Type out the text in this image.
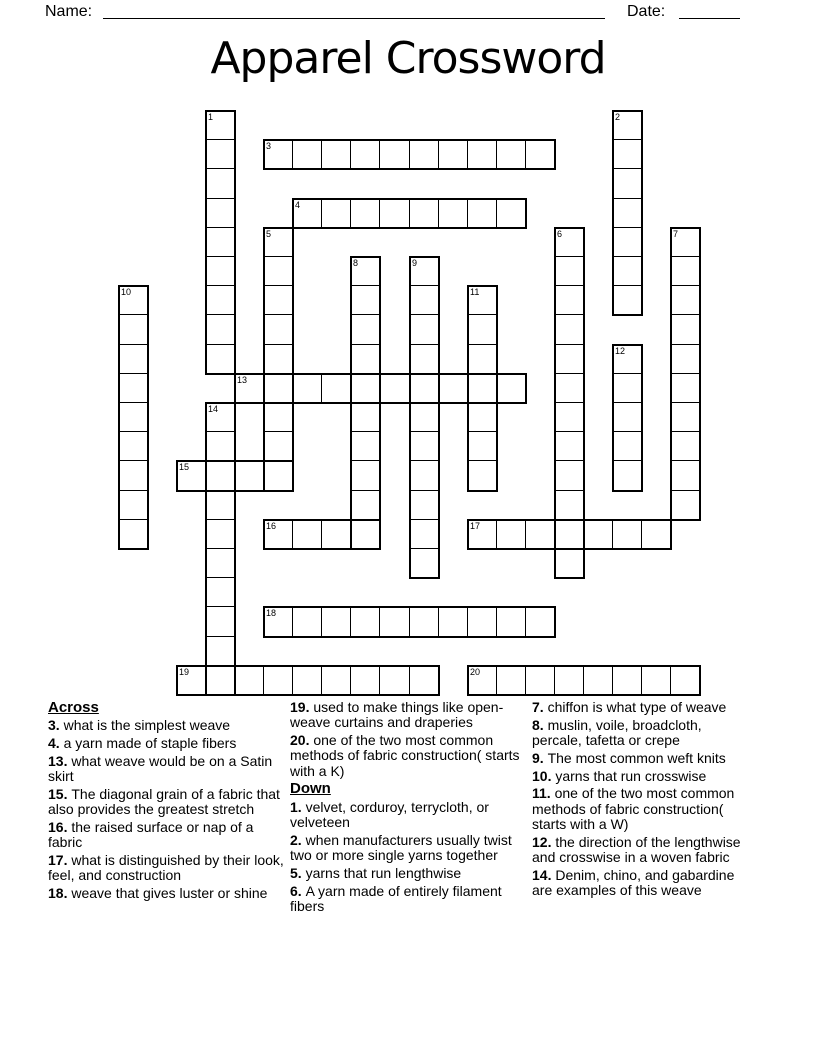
Name:	Date:
Apparel Crossword
1	2
3
4
5	6	7
8	9
10	11
12
13
14
15
16	17
18
19	20
Across
3. what is the simplest weave
4. a yarn made of staple fibers
13. what weave would be on a Satin skirt
15. The diagonal grain of a fabric that also provides the greatest stretch
16. the raised surface or nap of a fabric
17. what is distinguished by their look, feel, and construction
18. weave that gives luster or shine
19. used to make things like open-weave curtains and draperies
20. one of the two most common methods of fabric construction( starts with a K)
Down
1. velvet, corduroy, terrycloth, or velveteen
2. when manufacturers usually twist two or more single yarns together
5. yarns that run lengthwise
6. A yarn made of entirely filament fibers
7. chiffon is what type of weave
8. muslin, voile, broadcloth, percale, tafetta or crepe
9. The most common weft knits
10. yarns that run crosswise
11. one of the two most common methods of fabric construction( starts with a W)
12. the direction of the lengthwise and crosswise in a woven fabric
14. Denim, chino, and gabardine are examples of this weave
